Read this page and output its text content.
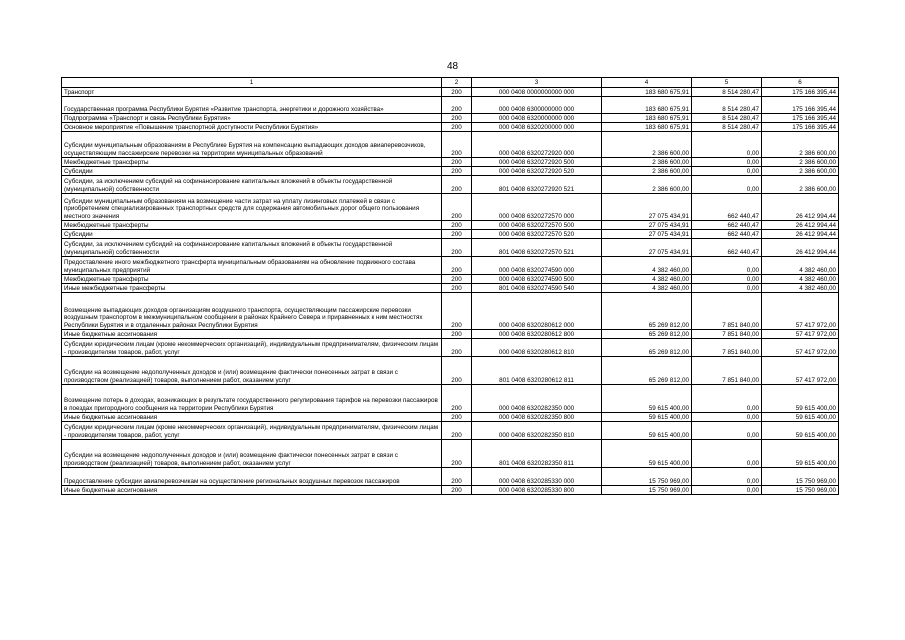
48
1	2	3	4	5	6
Транспорт	200	000 0408 0000000000 000	183 680 675,91	8 514 280,47	175 166 395,44
Государственная программа Республики Бурятия «Развитие транспорта, энергетики и дорожного хозяйства»	200	000 0408 6300000000 000	183 680 675,91	8 514 280,47	175 166 395,44
Подпрограмма «Транспорт и связь Республики Бурятия»	200	000 0408 6320000000 000	183 680 675,91	8 514 280,47	175 166 395,44
Основное мероприятие «Повышение транспортной доступности Республики Бурятия»	200	000 0408 6320200000 000	183 680 675,91	8 514 280,47	175 166 395,44
Субсидии муниципальным образованиям в Республике Бурятия на компенсацию выпадающих доходов авиаперевозчиков, осуществляющим пассажирские перевозки на территории муниципальных образований	200	000 0408 6320272920 000	2 386 600,00	0,00	2 386 600,00
Межбюджетные трансферты	200	000 0408 6320272920 500	2 386 600,00	0,00	2 386 600,00
Субсидии	200	000 0408 6320272920 520	2 386 600,00	0,00	2 386 600,00
Субсидии, за исключением субсидий на софинансирование капитальных вложений в объекты государственной (муниципальной) собственности	200	801 0408 6320272920 521	2 386 600,00	0,00	2 386 600,00
Субсидии муниципальным образованиям на возмещение части затрат на уплату лизинговых платежей в связи с приобретением специализированных транспортных средств для содержания автомобильных дорог общего пользования местного значения	200	000 0408 6320272570 000	27 075 434,91	662 440,47	26 412 994,44
Межбюджетные трансферты	200	000 0408 6320272570 500	27 075 434,91	662 440,47	26 412 994,44
Субсидии	200	000 0408 6320272570 520	27 075 434,91	662 440,47	26 412 994,44
Субсидии, за исключением субсидий на софинансирование капитальных вложений в объекты государственной (муниципальной) собственности	200	801 0408 6320272570 521	27 075 434,91	662 440,47	26 412 994,44
Предоставление иного межбюджетного трансферта муниципальным образованиям на обновление подвижного состава муниципальных предприятий	200	000 0408 6320274590 000	4 382 460,00	0,00	4 382 460,00
Межбюджетные трансферты	200	000 0408 6320274590 500	4 382 460,00	0,00	4 382 460,00
Иные межбюджетные трансферты	200	801 0408 6320274590 540	4 382 460,00	0,00	4 382 460,00
Возмещение выпадающих доходов организациям воздушного транспорта, осуществляющим пассажирские перевозки воздушным транспортом в межмуниципальном сообщении в районах Крайнего Севера и приравненных к ним местностях Республики Бурятия и в отдаленных районах Республики Бурятия	200	000 0408 6320280612 000	65 269 812,00	7 851 840,00	57 417 972,00
Иные бюджетные ассигнования	200	000 0408 6320280612 800	65 269 812,00	7 851 840,00	57 417 972,00
Субсидии юридическим лицам (кроме некоммерческих организаций), индивидуальным предпринимателям, физическим лицам - производителям товаров, работ, услуг	200	000 0408 6320280612 810	65 269 812,00	7 851 840,00	57 417 972,00
Субсидии на возмещение недополученных доходов и (или) возмещение фактически понесенных затрат в связи с производством (реализацией) товаров, выполнением работ, оказанием услуг	200	801 0408 6320280612 811	65 269 812,00	7 851 840,00	57 417 972,00
Возмещение потерь в доходах, возникающих в результате государственного регулирования тарифов на перевозки пассажиров в поездах пригородного сообщения на территории Республики Бурятия	200	000 0408 6320282350 000	59 615 400,00	0,00	59 615 400,00
Иные бюджетные ассигнования	200	000 0408 6320282350 800	59 615 400,00	0,00	59 615 400,00
Субсидии юридическим лицам (кроме некоммерческих организаций), индивидуальным предпринимателям, физическим лицам - производителям товаров, работ, услуг	200	000 0408 6320282350 810	59 615 400,00	0,00	59 615 400,00
Субсидии на возмещение недополученных доходов и (или) возмещение фактически понесенных затрат в связи с производством (реализацией) товаров, выполнением работ, оказанием услуг	200	801 0408 6320282350 811	59 615 400,00	0,00	59 615 400,00
Предоставление субсидии авиаперевозчикам на осуществление региональных воздушных перевозок пассажиров	200	000 0408 6320285330 000	15 750 969,00	0,00	15 750 969,00
Иные бюджетные ассигнования	200	000 0408 6320285330 800	15 750 969,00	0,00	15 750 969,00
